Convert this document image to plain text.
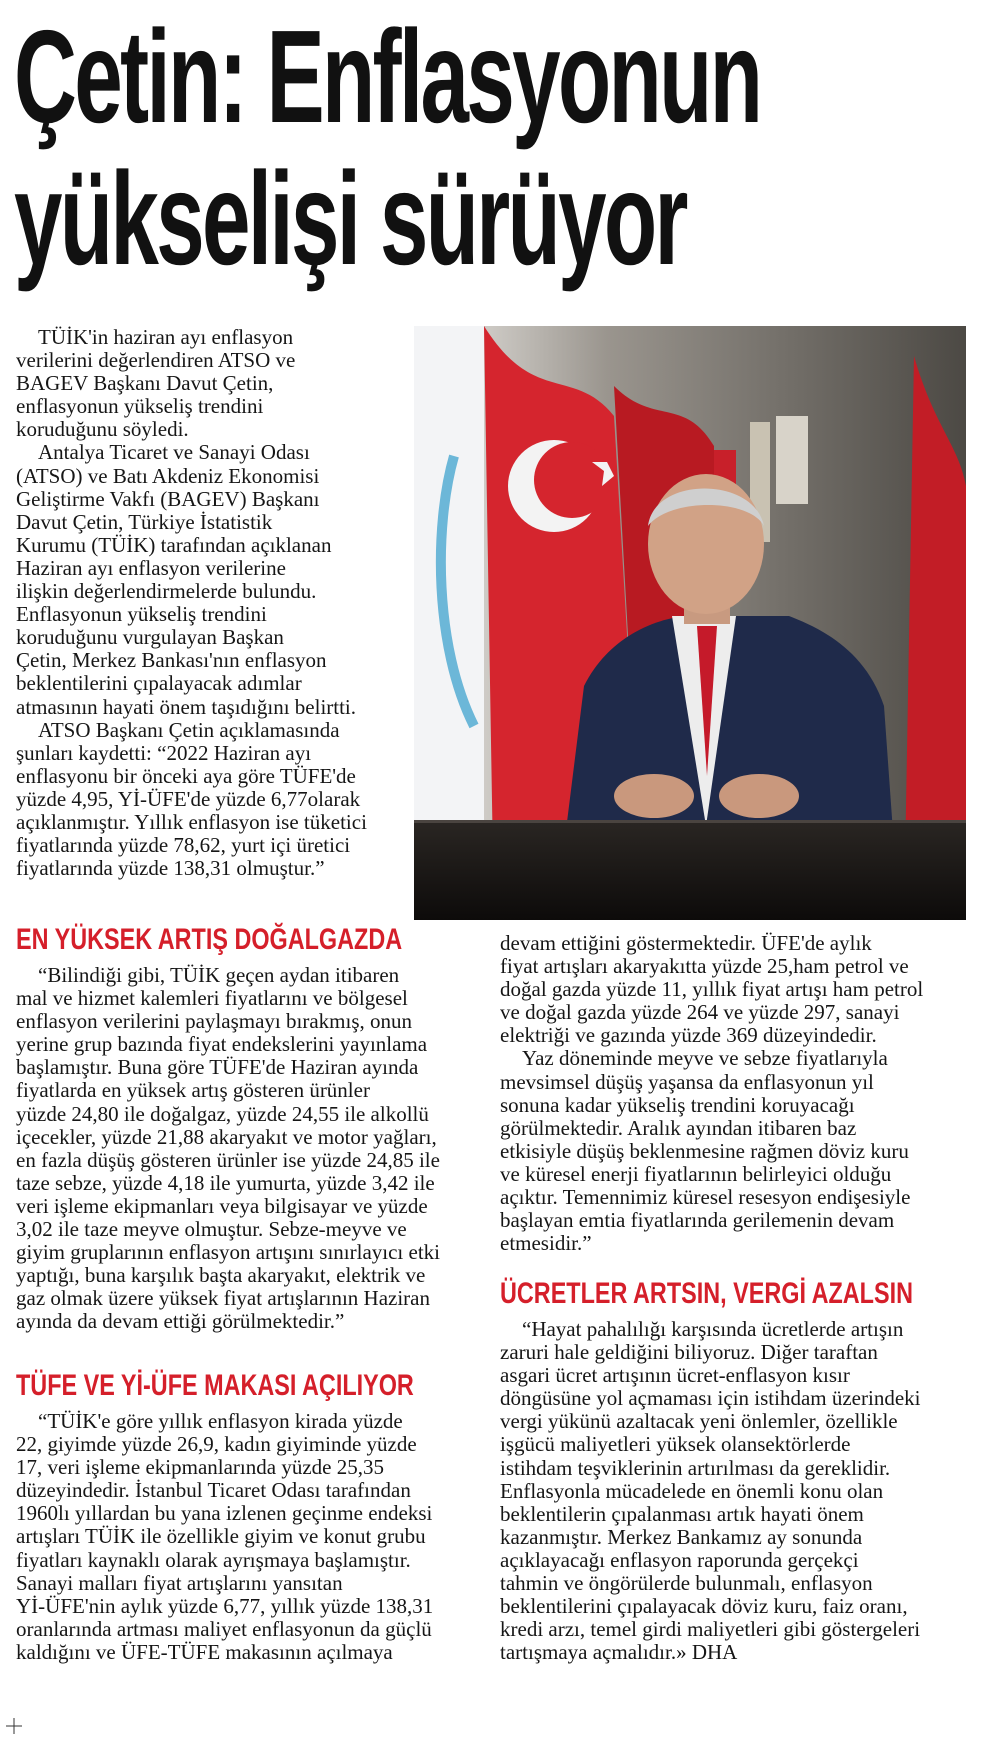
Çetin: Enflasyonun
yükselişi sürüyor
TÜİK'in haziran ayı enflasyon
verilerini değerlendiren ATSO ve
BAGEV Başkanı Davut Çetin,
enflasyonun yükseliş trendini
koruduğunu söyledi.
Antalya Ticaret ve Sanayi Odası
(ATSO) ve Batı Akdeniz Ekonomisi
Geliştirme Vakfı (BAGEV) Başkanı
Davut Çetin, Türkiye İstatistik
Kurumu (TÜİK) tarafından açıklanan
Haziran ayı enflasyon verilerine
ilişkin değerlendirmelerde bulundu.
Enflasyonun yükseliş trendini
koruduğunu vurgulayan Başkan
Çetin, Merkez Bankası'nın enflasyon
beklentilerini çıpalayacak adımlar
atmasının hayati önem taşıdığını belirtti.
ATSO Başkanı Çetin açıklamasında
şunları kaydetti: “2022 Haziran ayı
enflasyonu bir önceki aya göre TÜFE'de
yüzde 4,95, Yİ-ÜFE'de yüzde 6,77olarak
açıklanmıştır. Yıllık enflasyon ise tüketici
fiyatlarında yüzde 78,62, yurt içi üretici
fiyatlarında yüzde 138,31 olmuştur.”
EN YÜKSEK ARTIŞ DOĞALGAZDA
“Bilindiği gibi, TÜİK geçen aydan itibaren
mal ve hizmet kalemleri fiyatlarını ve bölgesel
enflasyon verilerini paylaşmayı bırakmış, onun
yerine grup bazında fiyat endekslerini yayınlama
başlamıştır. Buna göre TÜFE'de Haziran ayında
fiyatlarda en yüksek artış gösteren ürünler
yüzde 24,80 ile doğalgaz, yüzde 24,55 ile alkollü
içecekler, yüzde 21,88 akaryakıt ve motor yağları,
en fazla düşüş gösteren ürünler ise yüzde 24,85 ile
taze sebze, yüzde 4,18 ile yumurta, yüzde 3,42 ile
veri işleme ekipmanları veya bilgisayar ve yüzde
3,02 ile taze meyve olmuştur. Sebze-meyve ve
giyim gruplarının enflasyon artışını sınırlayıcı etki
yaptığı, buna karşılık başta akaryakıt, elektrik ve
gaz olmak üzere yüksek fiyat artışlarının Haziran
ayında da devam ettiği görülmektedir.”
TÜFE VE Yİ-ÜFE MAKASI AÇILIYOR
“TÜİK'e göre yıllık enflasyon kirada yüzde
22, giyimde yüzde 26,9, kadın giyiminde yüzde
17, veri işleme ekipmanlarında yüzde 25,35
düzeyindedir. İstanbul Ticaret Odası tarafından
1960lı yıllardan bu yana izlenen geçinme endeksi
artışları TÜİK ile özellikle giyim ve konut grubu
fiyatları kaynaklı olarak ayrışmaya başlamıştır.
Sanayi malları fiyat artışlarını yansıtan
Yİ-ÜFE'nin aylık yüzde 6,77, yıllık yüzde 138,31
oranlarında artması maliyet enflasyonun da güçlü
kaldığını ve ÜFE-TÜFE makasının açılmaya
devam ettiğini göstermektedir. ÜFE'de aylık
fiyat artışları akaryakıtta yüzde 25,ham petrol ve
doğal gazda yüzde 11, yıllık fiyat artışı ham petrol
ve doğal gazda yüzde 264 ve yüzde 297, sanayi
elektriği ve gazında yüzde 369 düzeyindedir.
Yaz döneminde meyve ve sebze fiyatlarıyla
mevsimsel düşüş yaşansa da enflasyonun yıl
sonuna kadar yükseliş trendini koruyacağı
görülmektedir. Aralık ayından itibaren baz
etkisiyle düşüş beklenmesine rağmen döviz kuru
ve küresel enerji fiyatlarının belirleyici olduğu
açıktır. Temennimiz küresel resesyon endişesiyle
başlayan emtia fiyatlarında gerilemenin devam
etmesidir.”
ÜCRETLER ARTSIN, VERGİ AZALSIN
“Hayat pahalılığı karşısında ücretlerde artışın
zaruri hale geldiğini biliyoruz. Diğer taraftan
asgari ücret artışının ücret-enflasyon kısır
döngüsüne yol açmaması için istihdam üzerindeki
vergi yükünü azaltacak yeni önlemler, özellikle
işgücü maliyetleri yüksek olansektörlerde
istihdam teşviklerinin artırılması da gereklidir.
Enflasyonla mücadelede en önemli konu olan
beklentilerin çıpalanması artık hayati önem
kazanmıştır. Merkez Bankamız ay sonunda
açıklayacağı enflasyon raporunda gerçekçi
tahmin ve öngörülerde bulunmalı, enflasyon
beklentilerini çıpalayacak döviz kuru, faiz oranı,
kredi arzı, temel girdi maliyetleri gibi göstergeleri
tartışmaya açmalıdır.» DHA
